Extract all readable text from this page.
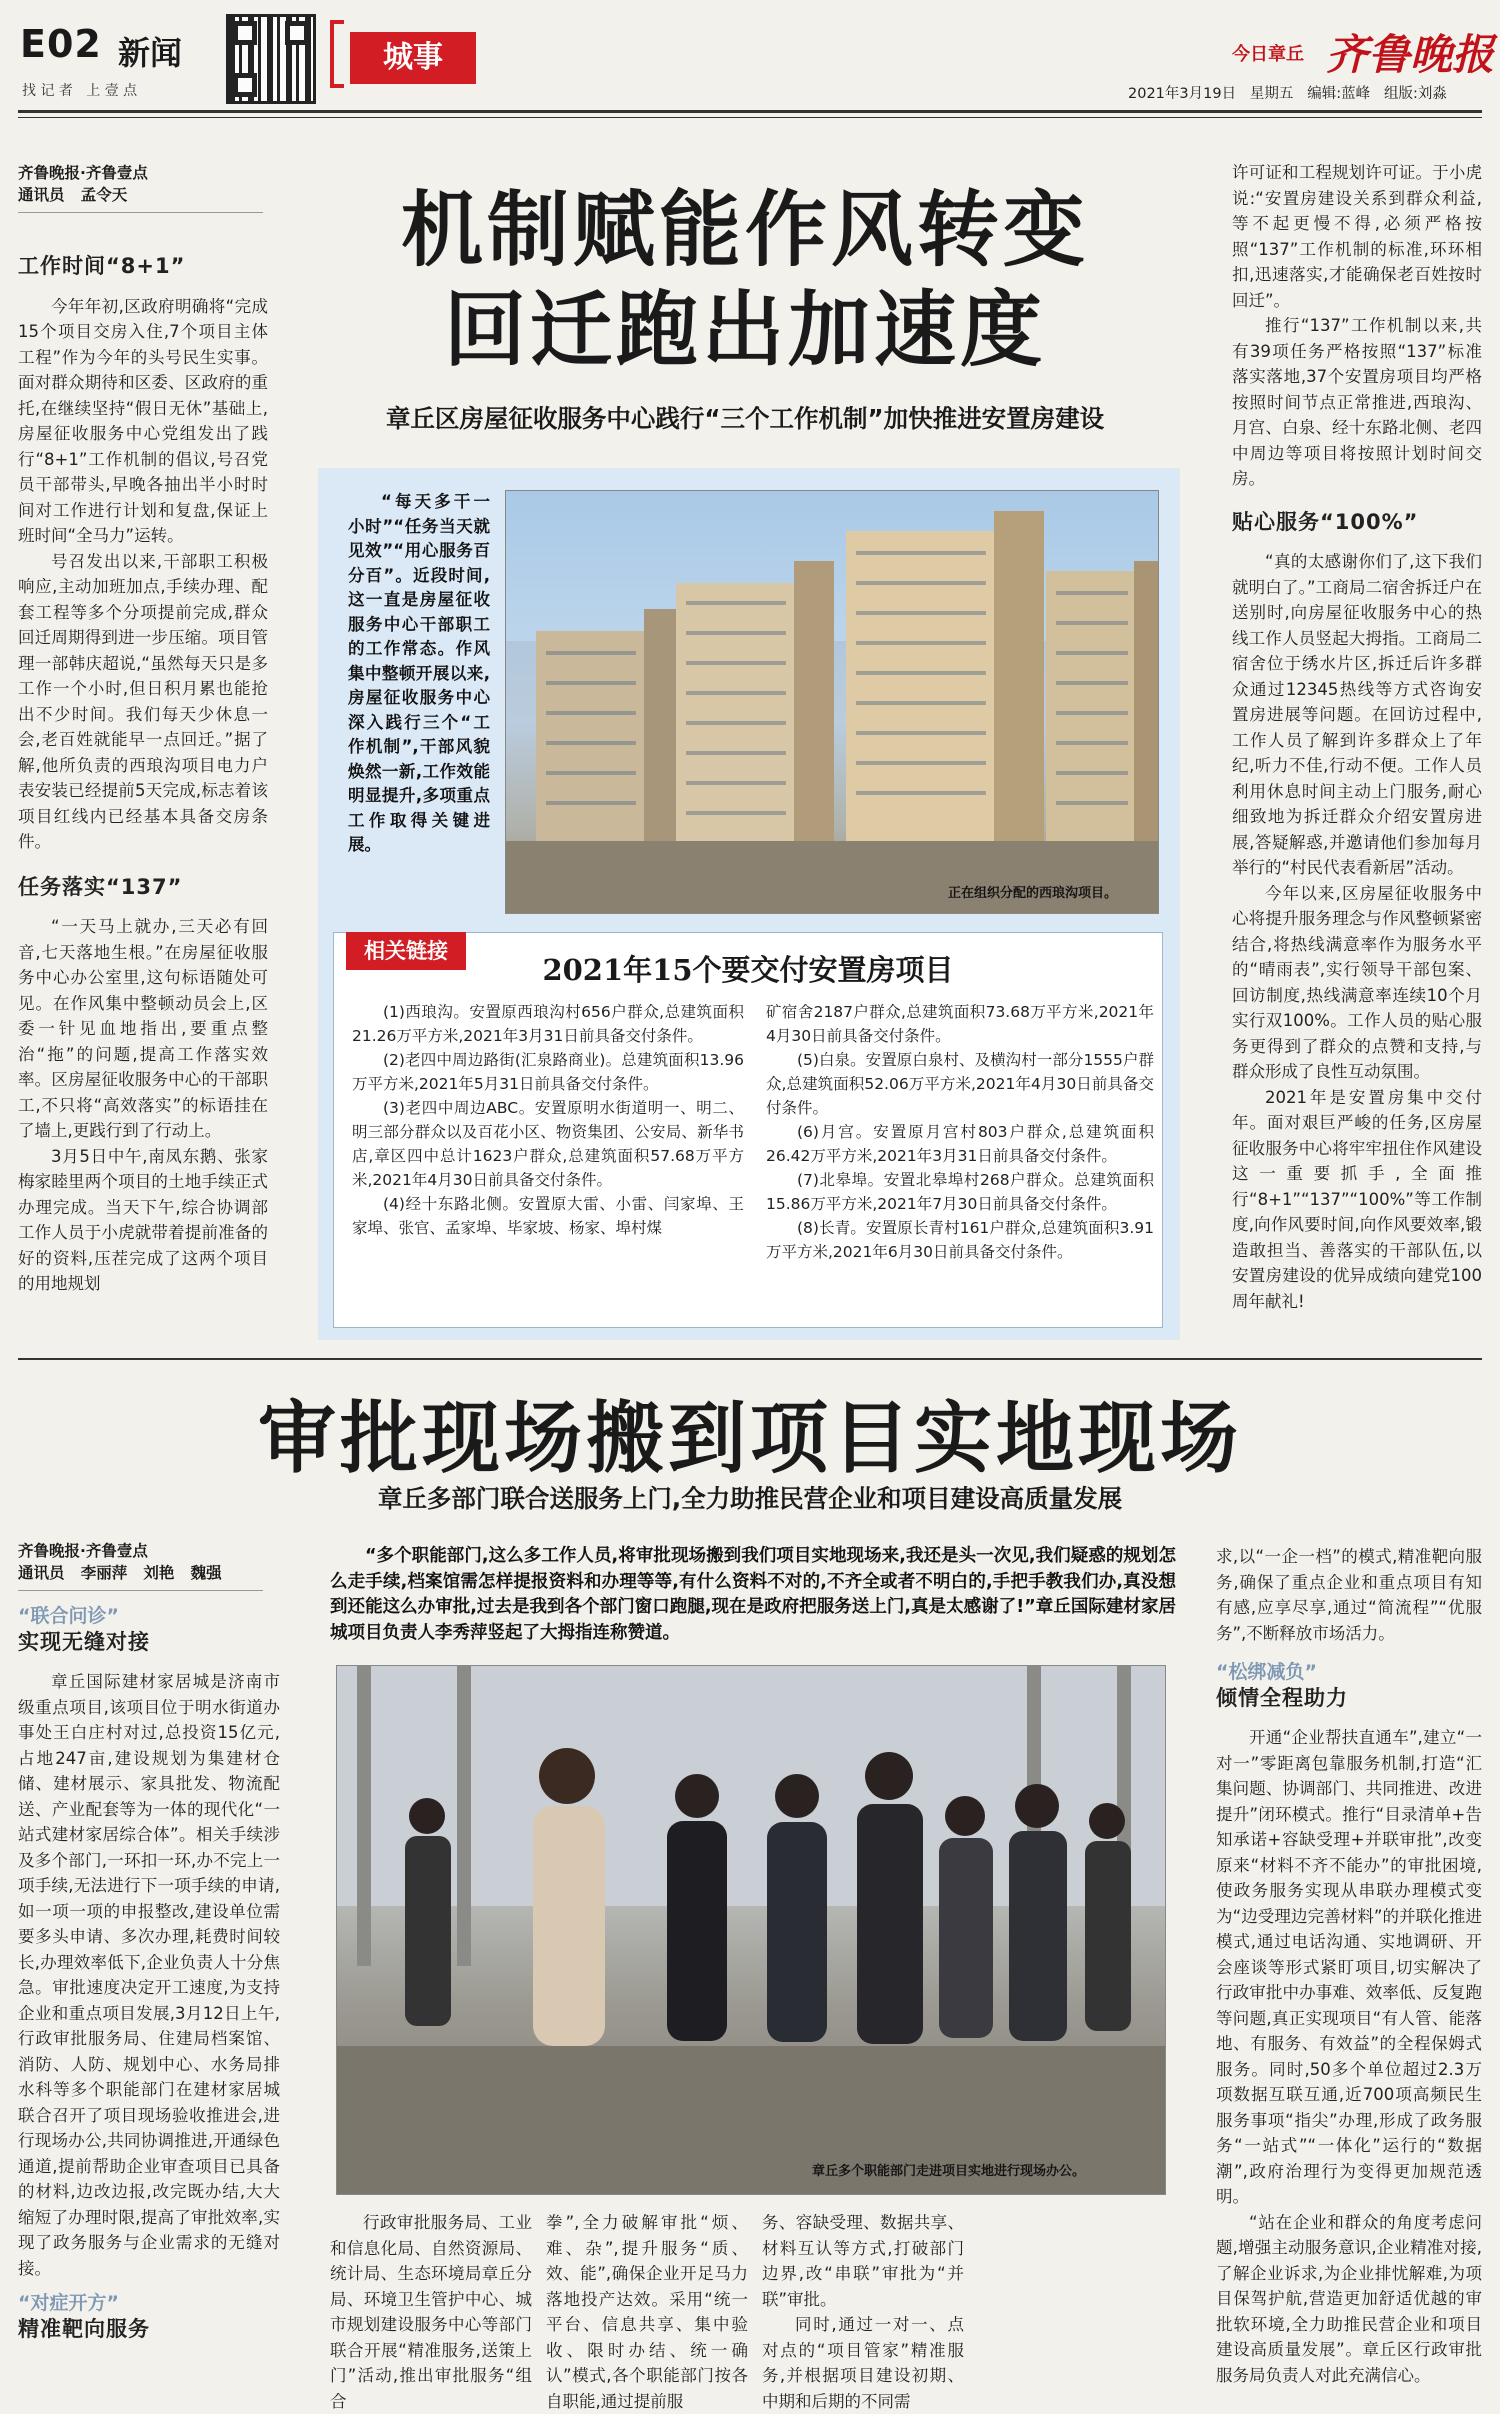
E02 新闻
找 记 者   上 壹 点
城事	今日章丘 齐鲁晚报
2021年3月19日   星期五   编辑:蓝峰   组版:刘淼
齐鲁晚报·齐鲁壹点
通讯员   孟令天
工作时间“8+1”

今年年初,区政府明确将“完成15个项目交房入住,7个项目主体工程”作为今年的头号民生实事。面对群众期待和区委、区政府的重托,在继续坚持“假日无休”基础上,房屋征收服务中心党组发出了践行“8+1”工作机制的倡议,号召党员干部带头,早晚各抽出半小时时间对工作进行计划和复盘,保证上班时间“全马力”运转。

号召发出以来,干部职工积极响应,主动加班加点,手续办理、配套工程等多个分项提前完成,群众回迁周期得到进一步压缩。项目管理一部韩庆超说,“虽然每天只是多工作一个小时,但日积月累也能抢出不少时间。我们每天少休息一会,老百姓就能早一点回迁。”据了解,他所负责的西琅沟项目电力户表安装已经提前5天完成,标志着该项目红线内已经基本具备交房条件。

任务落实“137”

“一天马上就办,三天必有回音,七天落地生根。”在房屋征收服务中心办公室里,这句标语随处可见。在作风集中整顿动员会上,区委一针见血地指出,要重点整治“拖”的问题,提高工作落实效率。区房屋征收服务中心的干部职工,不只将“高效落实”的标语挂在了墙上,更践行到了行动上。

3月5日中午,南凤东鹅、张家梅家睦里两个项目的土地手续正式办理完成。当天下午,综合协调部工作人员于小虎就带着提前准备的好的资料,压茬完成了这两个项目的用地规划

机制赋能作风转变
回迁跑出加速度
章丘区房屋征收服务中心践行“三个工作机制”加快推进安置房建设
“每天多干一小时”“任务当天就见效”“用心服务百分百”。近段时间,这一直是房屋征收服务中心干部职工的工作常态。作风集中整顿开展以来,房屋征收服务中心深入践行三个“工作机制”,干部风貌焕然一新,工作效能明显提升,多项重点工作取得关键进展。
正在组织分配的西琅沟项目。
相关链接
2021年15个要交付安置房项目
(1)西琅沟。安置原西琅沟村656户群众,总建筑面积21.26万平方米,2021年3月31日前具备交付条件。
(2)老四中周边路街(汇泉路商业)。总建筑面积13.96万平方米,2021年5月31日前具备交付条件。
(3)老四中周边ABC。安置原明水街道明一、明二、明三部分群众以及百花小区、物资集团、公安局、新华书店,章区四中总计1623户群众,总建筑面积57.68万平方米,2021年4月30日前具备交付条件。
(4)经十东路北侧。安置原大雷、小雷、闫家埠、王家埠、张官、孟家埠、毕家坡、杨家、埠村煤
矿宿舍2187户群众,总建筑面积73.68万平方米,2021年4月30日前具备交付条件。
(5)白泉。安置原白泉村、及横沟村一部分1555户群众,总建筑面积52.06万平方米,2021年4月30日前具备交付条件。
(6)月宫。安置原月宫村803户群众,总建筑面积26.42万平方米,2021年3月31日前具备交付条件。
(7)北皋埠。安置北皋埠村268户群众。总建筑面积15.86万平方米,2021年7月30日前具备交付条件。
(8)长青。安置原长青村161户群众,总建筑面积3.91万平方米,2021年6月30日前具备交付条件。

许可证和工程规划许可证。于小虎说:“安置房建设关系到群众利益,等不起更慢不得,必须严格按照“137”工作机制的标准,环环相扣,迅速落实,才能确保老百姓按时回迁”。

推行“137”工作机制以来,共有39项任务严格按照“137”标准落实落地,37个安置房项目均严格按照时间节点正常推进,西琅沟、月宫、白泉、经十东路北侧、老四中周边等项目将按照计划时间交房。

贴心服务“100%”

“真的太感谢你们了,这下我们就明白了。”工商局二宿舍拆迁户在送别时,向房屋征收服务中心的热线工作人员竖起大拇指。工商局二宿舍位于绣水片区,拆迁后许多群众通过12345热线等方式咨询安置房进展等问题。在回访过程中,工作人员了解到许多群众上了年纪,听力不佳,行动不便。工作人员利用休息时间主动上门服务,耐心细致地为拆迁群众介绍安置房进展,答疑解惑,并邀请他们参加每月举行的“村民代表看新居”活动。

今年以来,区房屋征收服务中心将提升服务理念与作风整顿紧密结合,将热线满意率作为服务水平的“晴雨表”,实行领导干部包案、回访制度,热线满意率连续10个月实行双100%。工作人员的贴心服务更得到了群众的点赞和支持,与群众形成了良性互动氛围。

2021年是安置房集中交付年。面对艰巨严峻的任务,区房屋征收服务中心将牢牢扭住作风建设这一重要抓手,全面推行“8+1”“137”“100%”等工作制度,向作风要时间,向作风要效率,锻造敢担当、善落实的干部队伍,以安置房建设的优异成绩向建党100周年献礼!

审批现场搬到项目实地现场
章丘多部门联合送服务上门,全力助推民营企业和项目建设高质量发展
齐鲁晚报·齐鲁壹点
通讯员   李丽萍   刘艳   魏强
“联合问诊”
实现无缝对接

章丘国际建材家居城是济南市级重点项目,该项目位于明水街道办事处王白庄村对过,总投资15亿元,占地247亩,建设规划为集建材仓储、建材展示、家具批发、物流配送、产业配套等为一体的现代化“一站式建材家居综合体”。相关手续涉及多个部门,一环扣一环,办不完上一项手续,无法进行下一项手续的申请,如一项一项的申报整改,建设单位需要多头申请、多次办理,耗费时间较长,办理效率低下,企业负责人十分焦急。审批速度决定开工速度,为支持企业和重点项目发展,3月12日上午,行政审批服务局、住建局档案馆、消防、人防、规划中心、水务局排水科等多个职能部门在建材家居城联合召开了项目现场验收推进会,进行现场办公,共同协调推进,开通绿色通道,提前帮助企业审查项目已具备的材料,边改边报,改完既办结,大大缩短了办理时限,提高了审批效率,实现了政务服务与企业需求的无缝对接。

“对症开方”
精准靶向服务
“多个职能部门,这么多工作人员,将审批现场搬到我们项目实地现场来,我还是头一次见,我们疑惑的规划怎么走手续,档案馆需怎样提报资料和办理等等,有什么资料不对的,不齐全或者不明白的,手把手教我们办,真没想到还能这么办审批,过去是我到各个部门窗口跑腿,现在是政府把服务送上门,真是太感谢了!”章丘国际建材家居城项目负责人李秀萍竖起了大拇指连称赞道。
章丘多个职能部门走进项目实地进行现场办公。

行政审批服务局、工业和信息化局、自然资源局、统计局、生态环境局章丘分局、环境卫生管护中心、城市规划建设服务中心等部门联合开展“精准服务,送策上门”活动,推出审批服务“组合

拳”,全力破解审批“烦、难、杂”,提升服务“质、效、能”,确保企业开足马力落地投产达效。采用“统一平台、信息共享、集中验收、限时办结、统一确认”模式,各个职能部门按各自职能,通过提前服

务、容缺受理、数据共享、材料互认等方式,打破部门边界,改“串联”审批为“并联”审批。

同时,通过一对一、点对点的“项目管家”精准服务,并根据项目建设初期、中期和后期的不同需

求,以“一企一档”的模式,精准靶向服务,确保了重点企业和重点项目有知有感,应享尽享,通过“简流程”“优服务”,不断释放市场活力。

“松绑减负”
倾情全程助力

开通“企业帮扶直通车”,建立“一对一”零距离包靠服务机制,打造“汇集问题、协调部门、共同推进、改进提升”闭环模式。推行“目录清单+告知承诺+容缺受理+并联审批”,改变原来“材料不齐不能办”的审批困境,使政务服务实现从串联办理模式变为“边受理边完善材料”的并联化推进模式,通过电话沟通、实地调研、开会座谈等形式紧盯项目,切实解决了行政审批中办事难、效率低、反复跑等问题,真正实现项目“有人管、能落地、有服务、有效益”的全程保姆式服务。同时,50多个单位超过2.3万项数据互联互通,近700项高频民生服务事项“指尖”办理,形成了政务服务“一站式”“一体化”运行的“数据潮”,政府治理行为变得更加规范透明。

“站在企业和群众的角度考虑问题,增强主动服务意识,企业精准对接,了解企业诉求,为企业排忧解难,为项目保驾护航,营造更加舒适优越的审批软环境,全力助推民营企业和项目建设高质量发展”。章丘区行政审批服务局负责人对此充满信心。
